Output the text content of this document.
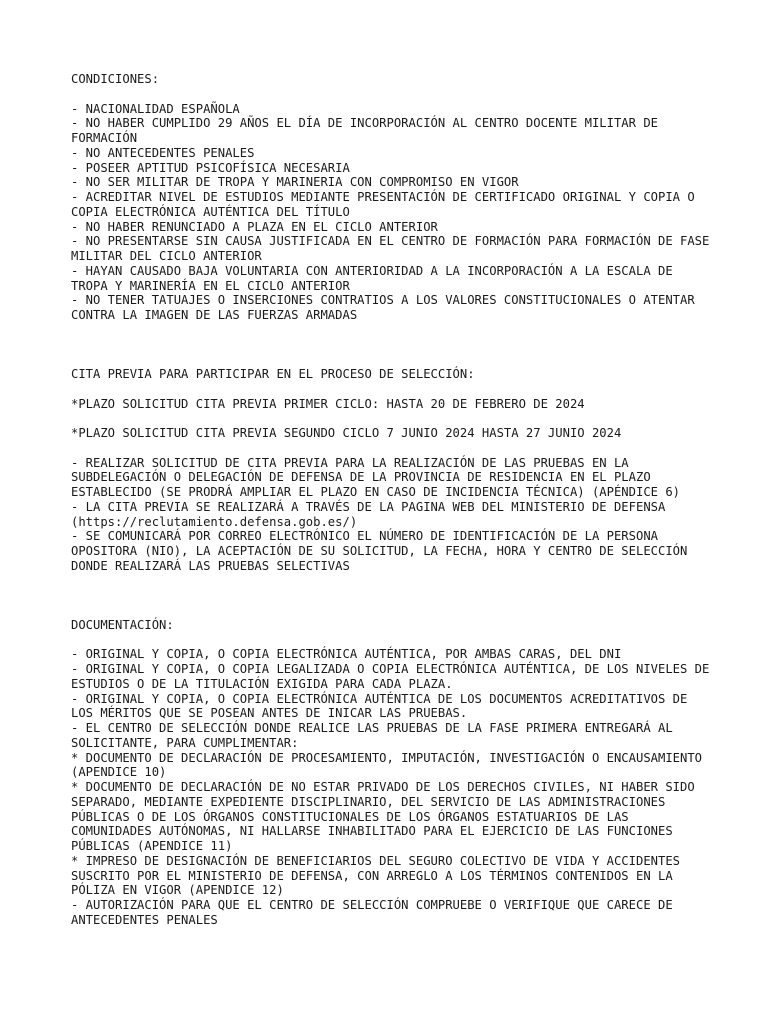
CONDICIONES:

- NACIONALIDAD ESPAÑOLA

- NO HABER CUMPLIDO 29 AÑOS EL DÍA DE INCORPORACIÓN AL CENTRO DOCENTE MILITAR DE FORMACIÓN

- NO ANTECEDENTES PENALES

- POSEER APTITUD PSICOFÍSICA NECESARIA

- NO SER MILITAR DE TROPA Y MARINERIA CON COMPROMISO EN VIGOR

- ACREDITAR NIVEL DE ESTUDIOS MEDIANTE PRESENTACIÓN DE CERTIFICADO ORIGINAL Y COPIA O COPIA ELECTRÓNICA AUTÉNTICA DEL TÍTULO

- NO HABER RENUNCIADO A PLAZA EN EL CICLO ANTERIOR

- NO PRESENTARSE SIN CAUSA JUSTIFICADA EN EL CENTRO DE FORMACIÓN PARA FORMACIÓN DE FASE MILITAR DEL CICLO ANTERIOR

- HAYAN CAUSADO BAJA VOLUNTARIA CON ANTERIORIDAD A LA INCORPORACIÓN A LA ESCALA DE TROPA Y MARINERÍA EN EL CICLO ANTERIOR

- NO TENER TATUAJES O INSERCIONES CONTRATIOS A LOS VALORES CONSTITUCIONALES O ATENTAR CONTRA LA IMAGEN DE LAS FUERZAS ARMADAS

CITA PREVIA PARA PARTICIPAR EN EL PROCESO DE SELECCIÓN:

*PLAZO SOLICITUD CITA PREVIA PRIMER CICLO: HASTA 20 DE FEBRERO DE 2024

*PLAZO SOLICITUD CITA PREVIA SEGUNDO CICLO 7 JUNIO 2024 HASTA 27 JUNIO 2024

- REALIZAR SOLICITUD DE CITA PREVIA PARA LA REALIZACIÓN DE LAS PRUEBAS EN LA SUBDELEGACIÓN O DELEGACIÓN DE DEFENSA DE LA PROVINCIA DE RESIDENCIA EN EL PLAZO ESTABLECIDO (SE PRODRÁ AMPLIAR EL PLAZO EN CASO DE INCIDENCIA TÉCNICA) (APÉNDICE 6)

- LA CITA PREVIA SE REALIZARÁ A TRAVÉS DE LA PAGINA WEB DEL MINISTERIO DE DEFENSA (https://reclutamiento.defensa.gob.es/)

- SE COMUNICARÁ POR CORREO ELECTRÓNICO EL NÚMERO DE IDENTIFICACIÓN DE LA PERSONA OPOSITORA (NIO), LA ACEPTACIÓN DE SU SOLICITUD, LA FECHA, HORA Y CENTRO DE SELECCIÓN DONDE REALIZARÁ LAS PRUEBAS SELECTIVAS

DOCUMENTACIÓN:

- ORIGINAL Y COPIA, O COPIA ELECTRÓNICA AUTÉNTICA, POR AMBAS CARAS, DEL DNI

- ORIGINAL Y COPIA, O COPIA LEGALIZADA O COPIA ELECTRÓNICA AUTÉNTICA, DE LOS NIVELES DE ESTUDIOS O DE LA TITULACIÓN EXIGIDA PARA CADA PLAZA.

- ORIGINAL Y COPIA, O COPIA ELECTRÓNICA AUTÉNTICA DE LOS DOCUMENTOS ACREDITATIVOS DE LOS MÉRITOS QUE SE POSEAN ANTES DE INICAR LAS PRUEBAS.

- EL CENTRO DE SELECCIÓN DONDE REALICE LAS PRUEBAS DE LA FASE PRIMERA ENTREGARÁ AL SOLICITANTE, PARA CUMPLIMENTAR:

* DOCUMENTO DE DECLARACIÓN DE PROCESAMIENTO, IMPUTACIÓN, INVESTIGACIÓN O ENCAUSAMIENTO (APENDICE 10)

* DOCUMENTO DE DECLARACIÓN DE NO ESTAR PRIVADO DE LOS DERECHOS CIVILES, NI HABER SIDO SEPARADO, MEDIANTE EXPEDIENTE DISCIPLINARIO, DEL SERVICIO DE LAS ADMINISTRACIONES PÚBLICAS O DE LOS ÓRGANOS CONSTITUCIONALES DE LOS ÓRGANOS ESTATUARIOS DE LAS COMUNIDADES AUTÓNOMAS, NI HALLARSE INHABILITADO PARA EL EJERCICIO DE LAS FUNCIONES PÚBLICAS (APENDICE 11)

* IMPRESO DE DESIGNACIÓN DE BENEFICIARIOS DEL SEGURO COLECTIVO DE VIDA Y ACCIDENTES SUSCRITO POR EL MINISTERIO DE DEFENSA, CON ARREGLO A LOS TÉRMINOS CONTENIDOS EN LA PÓLIZA EN VIGOR (APENDICE 12)

- AUTORIZACIÓN PARA QUE EL CENTRO DE SELECCIÓN COMPRUEBE O VERIFIQUE QUE CARECE DE ANTECEDENTES PENALES
